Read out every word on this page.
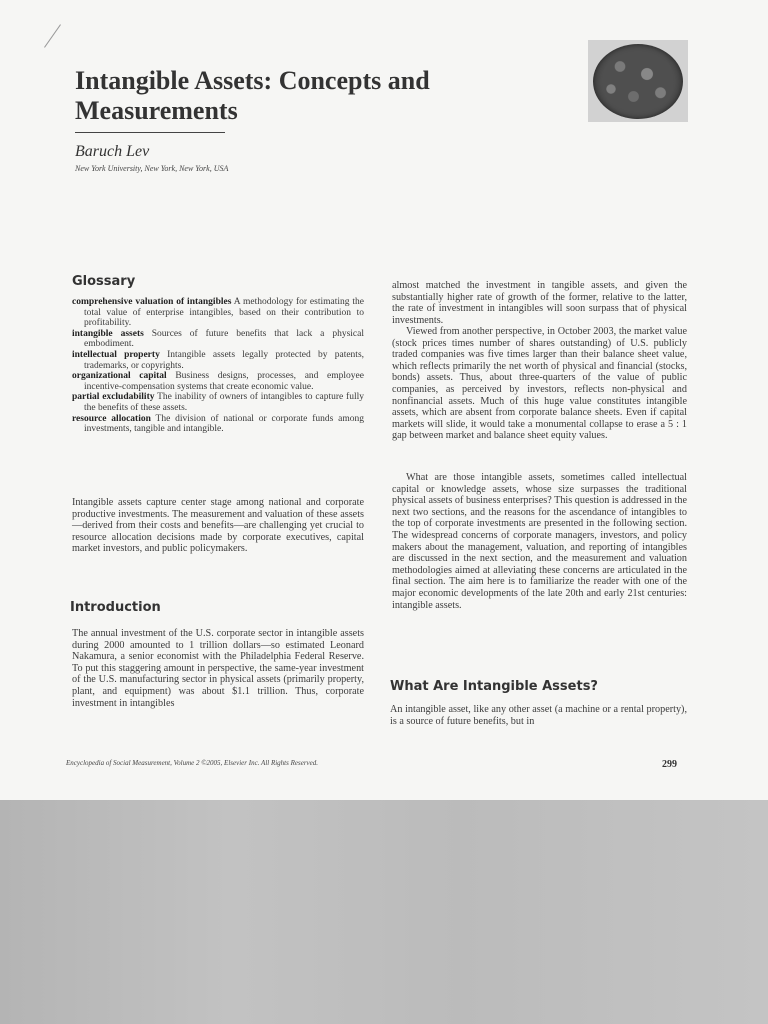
Intangible Assets: Concepts and Measurements
Baruch Lev
New York University, New York, New York, USA
Glossary
comprehensive valuation of intangibles A methodology for estimating the total value of enterprise intangibles, based on their contribution to profitability.
intangible assets Sources of future benefits that lack a physical embodiment.
intellectual property Intangible assets legally protected by patents, trademarks, or copyrights.
organizational capital Business designs, processes, and employee incentive-compensation systems that create economic value.
partial excludability The inability of owners of intangibles to capture fully the benefits of these assets.
resource allocation The division of national or corporate funds among investments, tangible and intangible.

Intangible assets capture center stage among national and corporate productive investments. The measurement and valuation of these assets—derived from their costs and benefits—are challenging yet crucial to resource allocation decisions made by corporate executives, capital market investors, and public policymakers.

Introduction

The annual investment of the U.S. corporate sector in intangible assets during 2000 amounted to 1 trillion dollars—so estimated Leonard Nakamura, a senior economist with the Philadelphia Federal Reserve. To put this staggering amount in perspective, the same-year investment of the U.S. manufacturing sector in physical assets (primarily property, plant, and equipment) was about $1.1 trillion. Thus, corporate investment in intangibles

almost matched the investment in tangible assets, and given the substantially higher rate of growth of the former, relative to the latter, the rate of investment in intangibles will soon surpass that of physical investments.

Viewed from another perspective, in October 2003, the market value (stock prices times number of shares outstanding) of U.S. publicly traded companies was five times larger than their balance sheet value, which reflects primarily the net worth of physical and financial (stocks, bonds) assets. Thus, about three-quarters of the value of public companies, as perceived by investors, reflects non-physical and nonfinancial assets. Much of this huge value constitutes intangible assets, which are absent from corporate balance sheets. Even if capital markets will slide, it would take a monumental collapse to erase a 5 : 1 gap between market and balance sheet equity values.

What are those intangible assets, sometimes called intellectual capital or knowledge assets, whose size surpasses the traditional physical assets of business enterprises? This question is addressed in the next two sections, and the reasons for the ascendance of intangibles to the top of corporate investments are presented in the following section. The widespread concerns of corporate managers, investors, and policy makers about the management, valuation, and reporting of intangibles are discussed in the next section, and the measurement and valuation methodologies aimed at alleviating these concerns are articulated in the final section. The aim here is to familiarize the reader with one of the major economic developments of the late 20th and early 21st centuries: intangible assets.

What Are Intangible Assets?

An intangible asset, like any other asset (a machine or a rental property), is a source of future benefits, but in

Encyclopedia of Social Measurement, Volume 2 ©2005, Elsevier Inc. All Rights Reserved.	299
